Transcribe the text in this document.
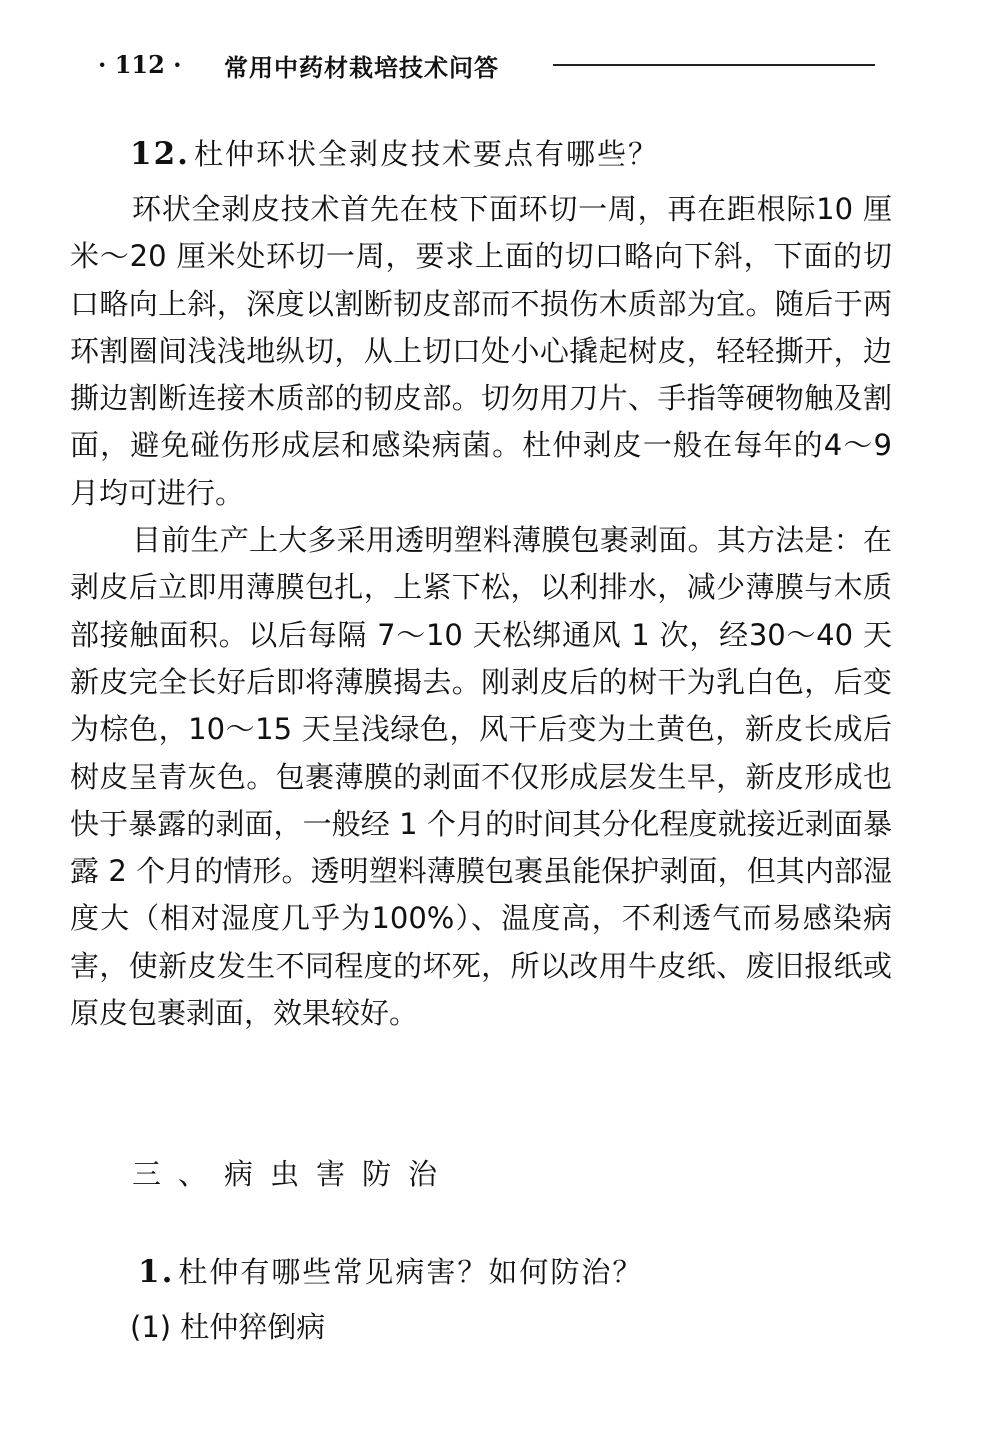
· 112 · 常用中药材栽培技术问答
12. 杜仲环状全剥皮技术要点有哪些？

环状全剥皮技术首先在枝下面环切一周，再在距根际10 厘米～20 厘米处环切一周，要求上面的切口略向下斜，下面的切口略向上斜，深度以割断韧皮部而不损伤木质部为宜。随后于两环割圈间浅浅地纵切，从上切口处小心撬起树皮，轻轻撕开，边撕边割断连接木质部的韧皮部。切勿用刀片、手指等硬物触及割面，避免碰伤形成层和感染病菌。杜仲剥皮一般在每年的4～9 月均可进行。

目前生产上大多采用透明塑料薄膜包裹剥面。其方法是：在剥皮后立即用薄膜包扎，上紧下松，以利排水，减少薄膜与木质部接触面积。以后每隔 7～10 天松绑通风 1 次，经30～40 天新皮完全长好后即将薄膜揭去。刚剥皮后的树干为乳白色，后变为棕色，10～15 天呈浅绿色，风干后变为土黄色，新皮长成后树皮呈青灰色。包裹薄膜的剥面不仅形成层发生早，新皮形成也快于暴露的剥面，一般经 1 个月的时间其分化程度就接近剥面暴露 2 个月的情形。透明塑料薄膜包裹虽能保护剥面，但其内部湿度大（相对湿度几乎为100%）、温度高，不利透气而易感染病害，使新皮发生不同程度的坏死，所以改用牛皮纸、废旧报纸或原皮包裹剥面，效果较好。

三、病虫害防治
1. 杜仲有哪些常见病害？如何防治？
(1) 杜仲猝倒病
